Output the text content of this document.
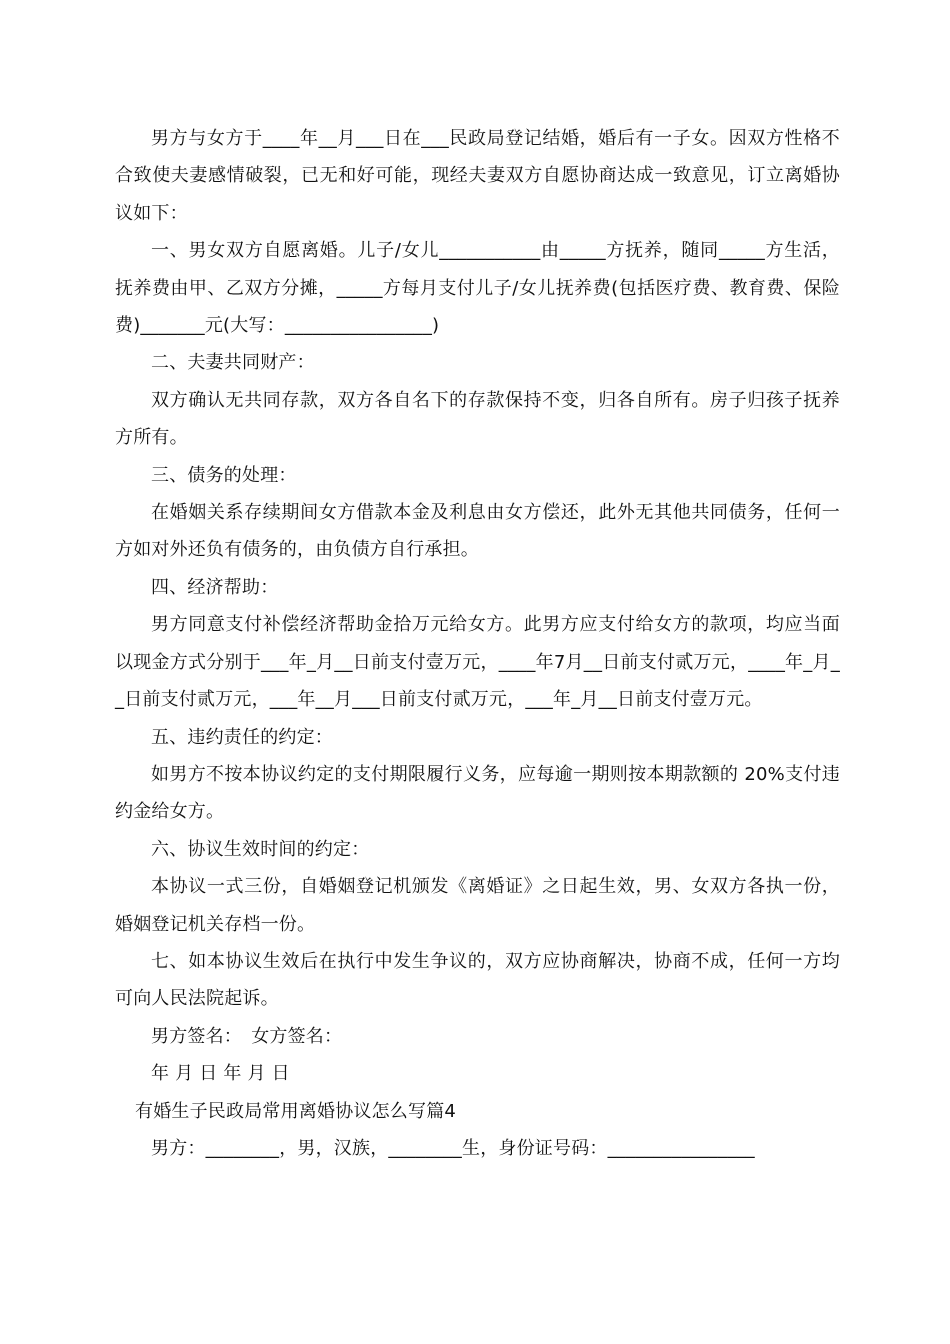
男方与女方于____年__月___日在___民政局登记结婚，婚后有一子女。因双方性格不合致使夫妻感情破裂，已无和好可能，现经夫妻双方自愿协商达成一致意见，订立离婚协议如下：

一、男女双方自愿离婚。儿子/女儿___________由_____方抚养，随同_____方生活，抚养费由甲、乙双方分摊，_____方每月支付儿子/女儿抚养费(包括医疗费、教育费、保险费)_______元(大写：________________)

二、夫妻共同财产：

双方确认无共同存款，双方各自名下的存款保持不变，归各自所有。房子归孩子抚养方所有。

三、债务的处理：

在婚姻关系存续期间女方借款本金及利息由女方偿还，此外无其他共同债务，任何一方如对外还负有债务的，由负债方自行承担。

四、经济帮助：

男方同意支付补偿经济帮助金拾万元给女方。此男方应支付给女方的款项，均应当面以现金方式分别于___年_月__日前支付壹万元，____年7月__日前支付贰万元，____年_月__日前支付贰万元，___年__月___日前支付贰万元，___年_月__日前支付壹万元。

五、违约责任的约定：

如男方不按本协议约定的支付期限履行义务，应每逾一期则按本期款额的 20%支付违约金给女方。

六、协议生效时间的约定：

本协议一式三份，自婚姻登记机颁发《离婚证》之日起生效，男、女双方各执一份，婚姻登记机关存档一份。

七、如本协议生效后在执行中发生争议的，双方应协商解决，协商不成，任何一方均可向人民法院起诉。

男方签名：　女方签名：

年 月 日 年 月 日

有婚生子民政局常用离婚协议怎么写篇4

男方：________，男，汉族，________生，身份证号码：________________
